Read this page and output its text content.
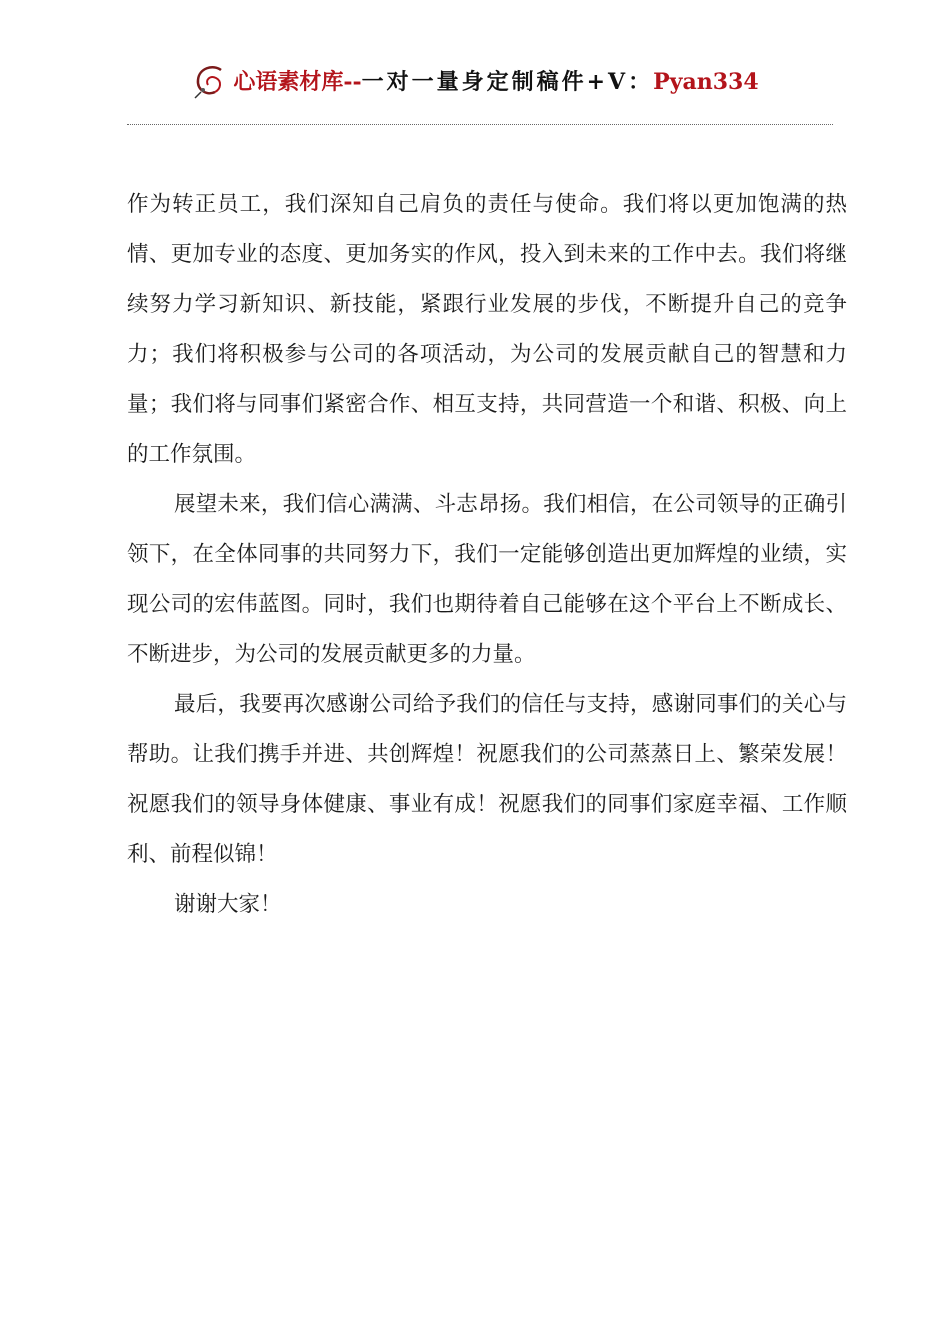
心语素材库--一对一量身定制稿件+V：Pyan334

作为转正员工，我们深知自己肩负的责任与使命。我们将以更加饱满的热情、更加专业的态度、更加务实的作风，投入到未来的工作中去。我们将继续努力学习新知识、新技能，紧跟行业发展的步伐，不断提升自己的竞争力；我们将积极参与公司的各项活动，为公司的发展贡献自己的智慧和力量；我们将与同事们紧密合作、相互支持，共同营造一个和谐、积极、向上的工作氛围。

展望未来，我们信心满满、斗志昂扬。我们相信，在公司领导的正确引领下，在全体同事的共同努力下，我们一定能够创造出更加辉煌的业绩，实现公司的宏伟蓝图。同时，我们也期待着自己能够在这个平台上不断成长、不断进步，为公司的发展贡献更多的力量。

最后，我要再次感谢公司给予我们的信任与支持，感谢同事们的关心与帮助。让我们携手并进、共创辉煌！祝愿我们的公司蒸蒸日上、繁荣发展！祝愿我们的领导身体健康、事业有成！祝愿我们的同事们家庭幸福、工作顺利、前程似锦！

谢谢大家！
